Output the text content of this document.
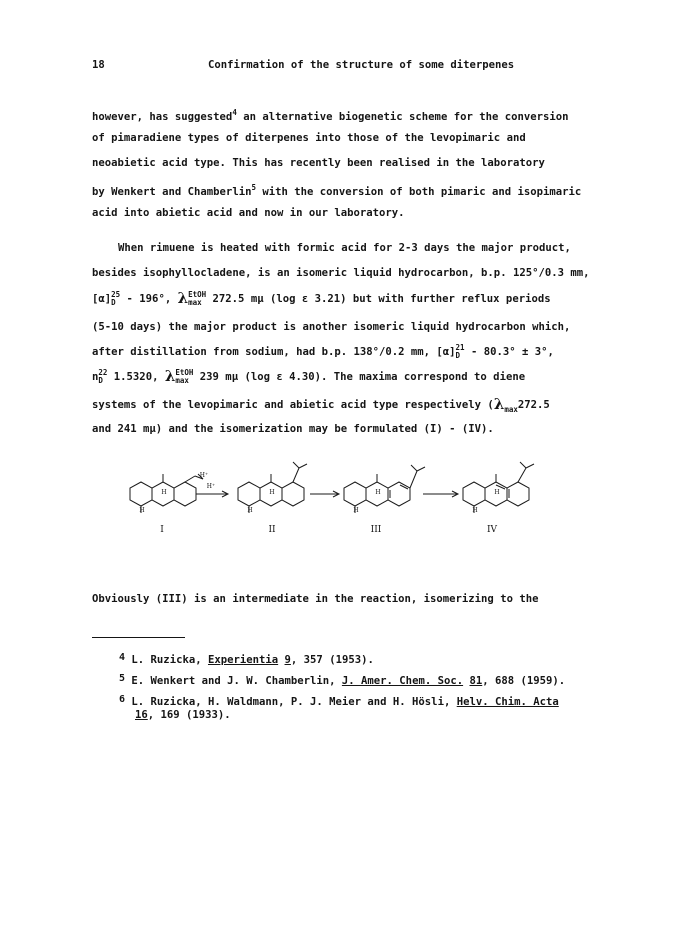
18	Confirmation of the structure of some diterpenes
however, has suggested$^4$ an alternative biogenetic scheme for the conversion
of pimaradiene types of diterpenes into those of the levopimaric and
neoabietic acid type. This has recently been realised in the laboratory
by Wenkert and Chamberlin$^5$ with the conversion of both pimaric and isopimaric
acid into abietic acid and now in our laboratory.
When rimuene is heated with formic acid for 2-3 days the major product,
besides isophyllocladene, is an isomeric liquid hydrocarbon, b.p. 125°/0.3 mm,
[α] 25
D - 196°, λ EtOH
max 272.5 mμ (log ε 3.21) but with further reflux periods
(5-10 days) the major product is another isomeric liquid hydrocarbon which,
after distillation from sodium, had b.p. 138°/0.2 mm, [α] 21
D - 80.3° ± 3°,
n 22
D 1.5320, λ EtOH
max 239 mμ (log ε 4.30). The maxima correspond to diene
systems of the levopimaric and abietic acid type respectively ($\lambda_{max}272.5$
and 241 mμ) and the isomerization may be formulated (I) - (IV).
H⁺
H⁺
H	H	H	H
H	H	H	H
I	II	III	IV
Obviously (III) is an intermediate in the reaction, isomerizing to the
4 L. Ruzicka, Experientia 9, 357 (1953).
5 E. Wenkert and J. W. Chamberlin, J. Amer. Chem. Soc. 81, 688 (1959).
6 L. Ruzicka, H. Waldmann, P. J. Meier and H. Hösli, Helv. Chim. Acta
16, 169 (1933).
